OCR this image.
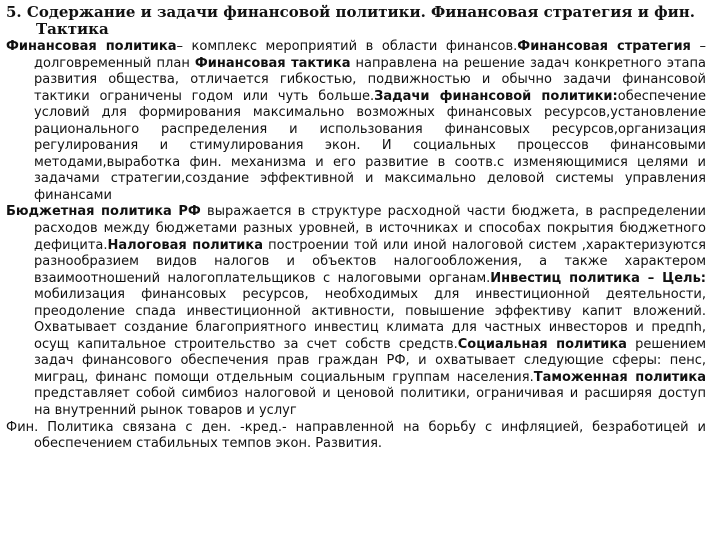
5. Содержание и задачи финансовой политики. Финансовая стратегия и фин.
Тактика

Финансовая политика– комплекс мероприятий в области финансов.Финансовая стратегия – долговременный план Финансовая тактика направлена на решение задач конкретного этапа развития общества, отличается гибкостью, подвижностью и обычно задачи финансовой тактики ограничены годом или чуть больше.Задачи финансовой политики:обеспечение условий для формирования максимально возможных финансовых ресурсов,установление рационального распределения и использования финансовых ресурсов,организация регулирования и стимулирования экон. И социальных процессов финансовыми методами,выработка фин. механизма и его развитие в соотв.с изменяющимися целями и задачами стратегии,создание эффективной и максимально деловой системы управления финансами

Бюджетная политика РФ выражается в структуре расходной части бюджета, в распределении расходов между бюджетами разных уровней, в источниках и способах покрытия бюджетного дефицита.Налоговая политика построении той или иной налоговой систем ,характеризуются разнообразием видов налогов и объектов налогообложения, а также характером взаимоотношений налогоплательщиков с налоговыми органам.Инвестиц политика – Цель: мобилизация финансовых ресурсов, необходимых для инвестиционной деятельности, преодоление спада инвестиционной активности, повышение эффективу капит вложений. Охватывает создание благоприятного инвестиц климата для частных инвесторов и предпh, осущ капитальное строительство за счет собств средств.Социальная политика решением задач финансового обеспечения прав граждан РФ, и охватывает следующие сферы: пенс, миграц, финанс помощи отдельным социальным группам населения.Таможенная политика представляет собой симбиоз налоговой и ценовой политики, ограничивая и расширяя доступ на внутренний рынок товаров и услуг

Фин. Политика связана с ден. -кред.- направленной на борьбу с инфляцией, безработицей и обеспечением стабильных темпов экон. Развития.
